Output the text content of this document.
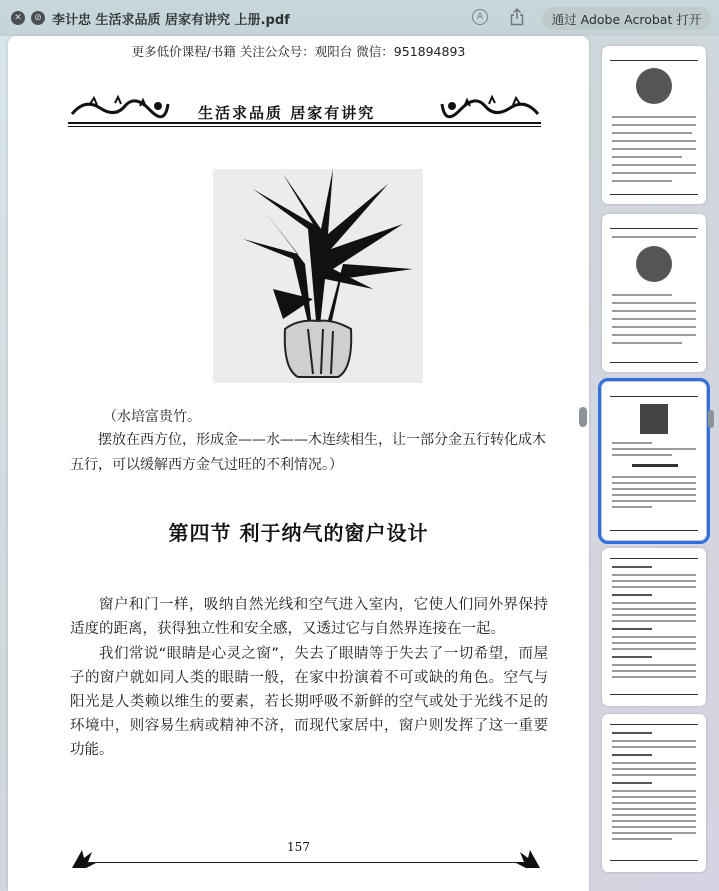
✕	⊘ 李计忠 生活求品质 居家有讲究 上册.pdf	A	通过 Adobe Acrobat 打开
更多低价课程/书籍 关注公众号：观阳台 微信：951894893
生活求品质 居家有讲究
（水培富贵竹。
摆放在西方位，形成金——水——木连续相生，让一部分金五行转化成木五行，可以缓解西方金气过旺的不利情况。）
第四节 利于纳气的窗户设计
窗户和门一样，吸纳自然光线和空气进入室内，它使人们同外界保持适度的距离，获得独立性和安全感，又透过它与自然界连接在一起。
我们常说“眼睛是心灵之窗”，失去了眼睛等于失去了一切希望，而屋子的窗户就如同人类的眼睛一般，在家中扮演着不可或缺的角色。空气与阳光是人类赖以维生的要素，若长期呼吸不新鲜的空气或处于光线不足的环境中，则容易生病或精神不济，而现代家居中，窗户则发挥了这一重要功能。
157
